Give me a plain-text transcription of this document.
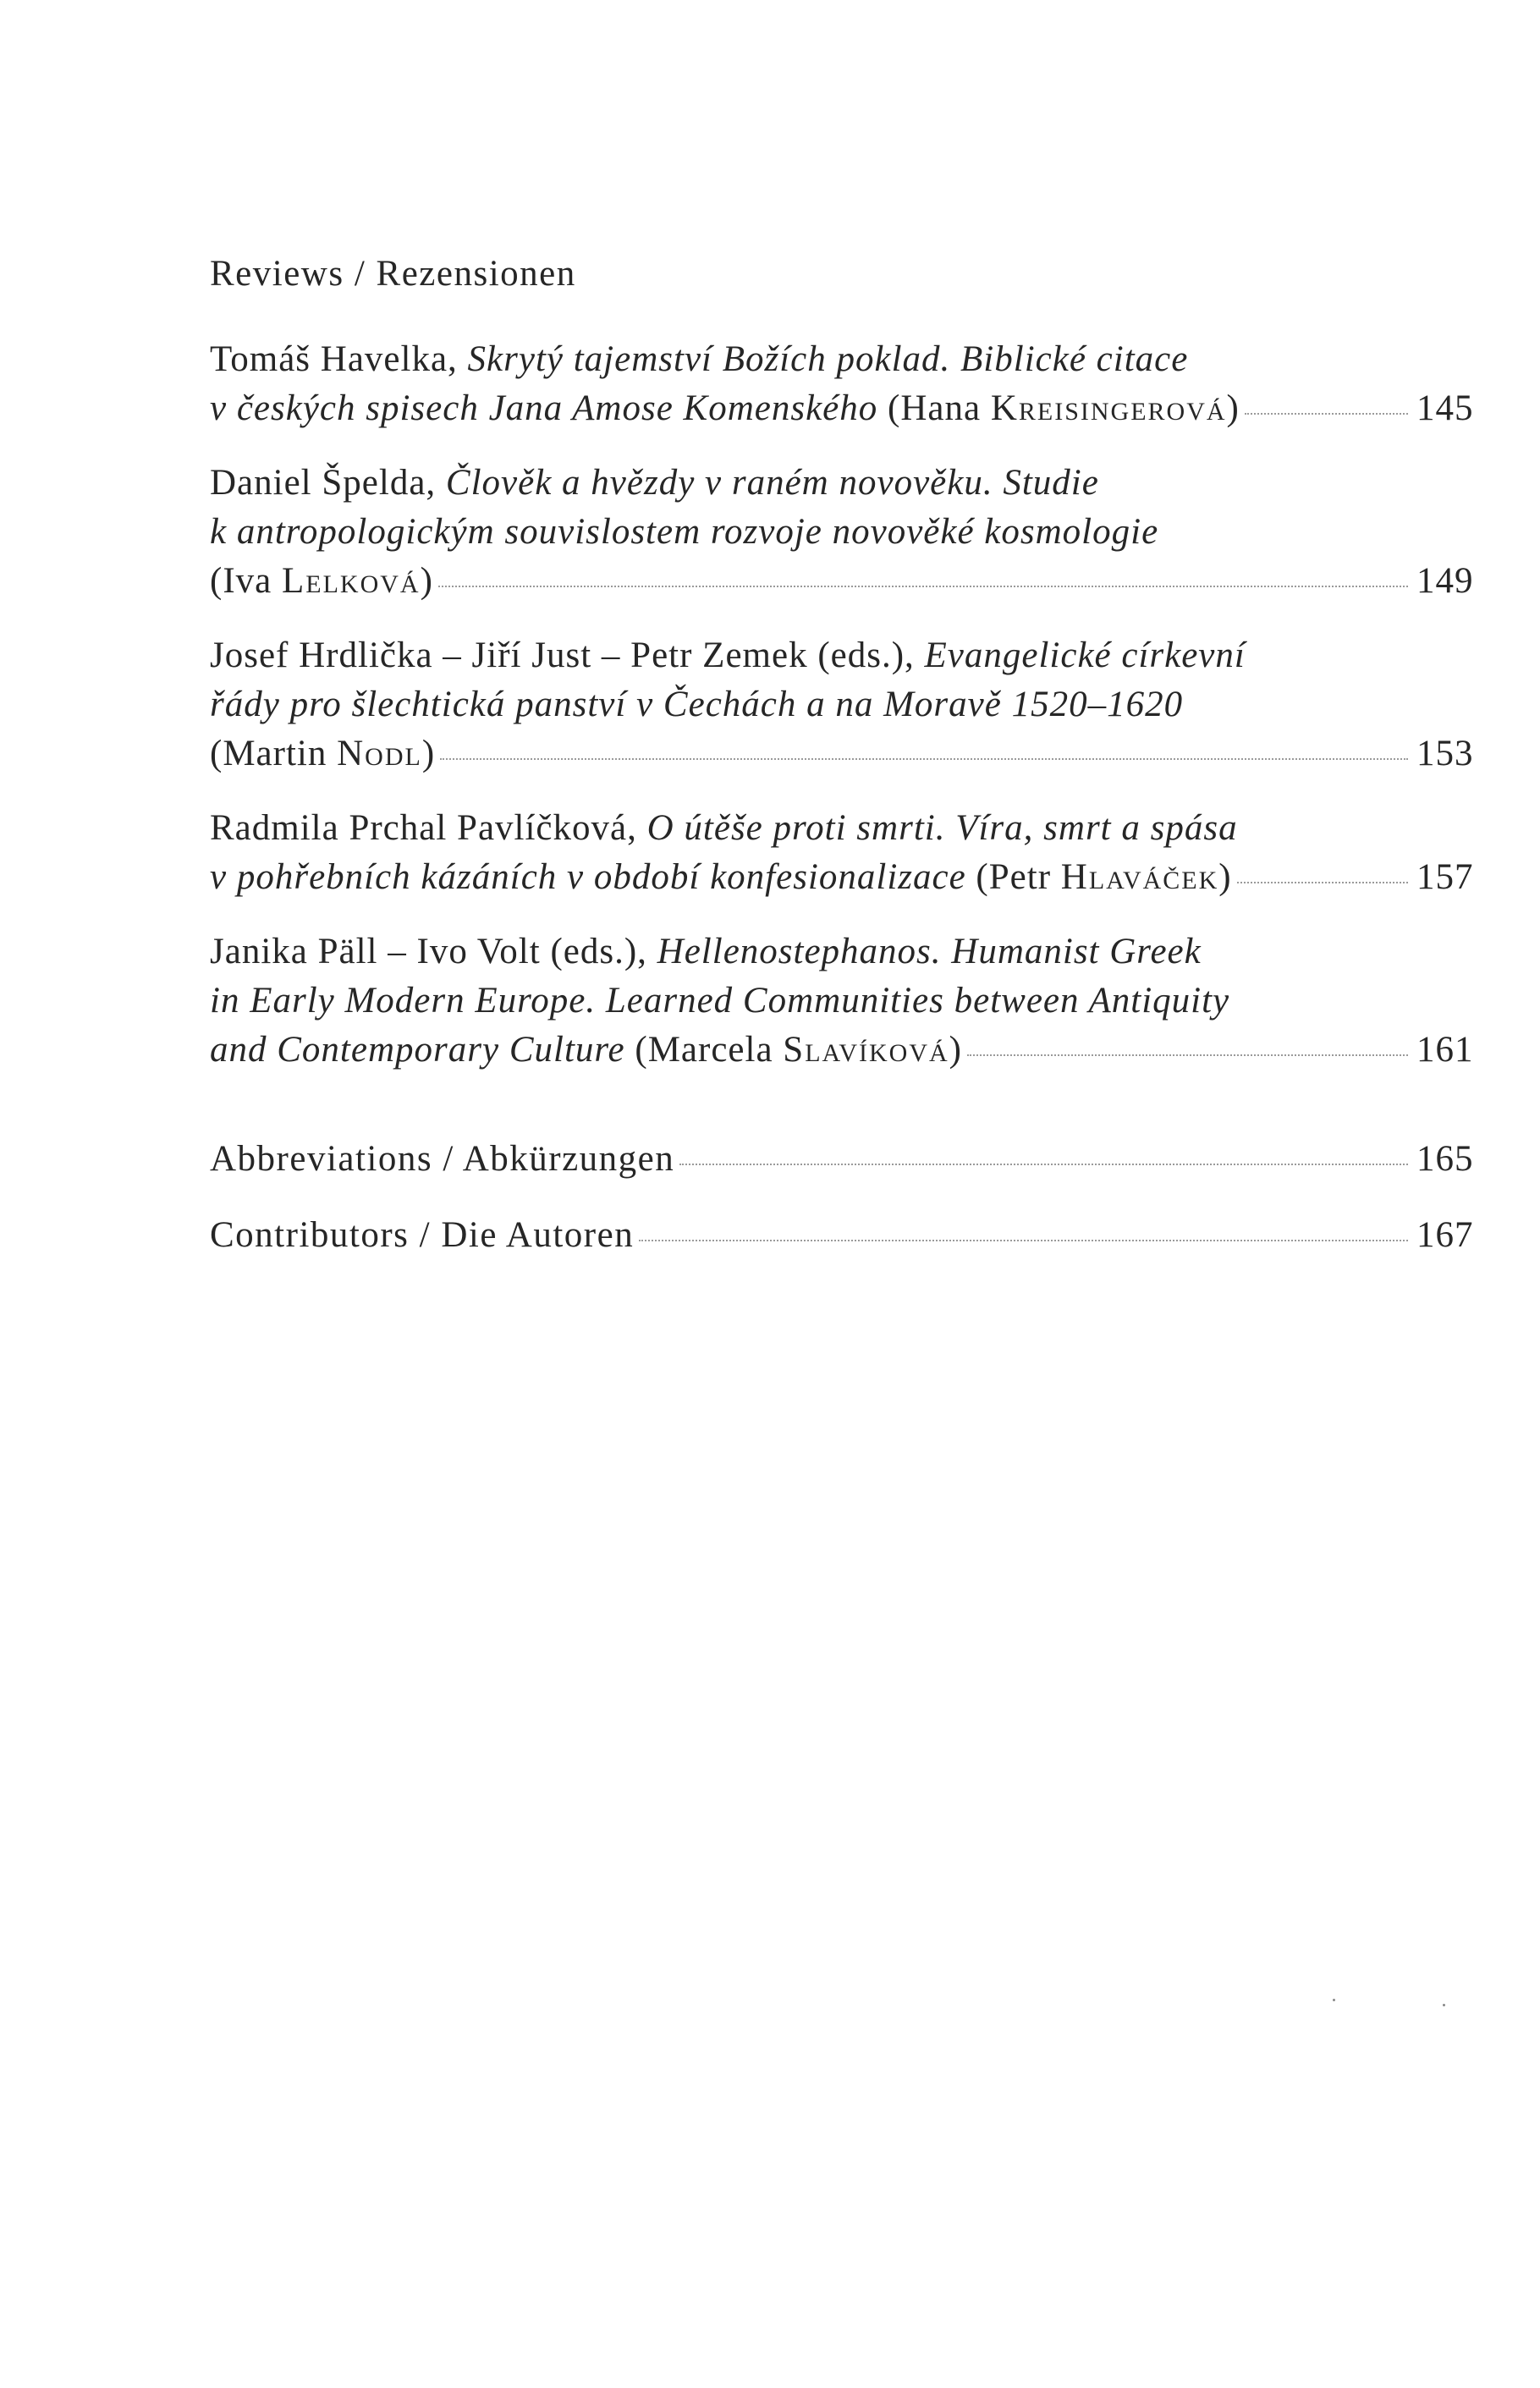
Reviews / Rezensionen
Tomáš Havelka, Skrytý tajemství Božích poklad. Biblické citace
v českých spisech Jana Amose Komenského (Hana Kreisingerová)	145
Daniel Špelda, Člověk a hvězdy v raném novověku. Studie
k antropologickým souvislostem rozvoje novověké kosmologie
(Iva Lelková)	149
Josef Hrdlička – Jiří Just – Petr Zemek (eds.), Evangelické církevní
řády pro šlechtická panství v Čechách a na Moravě 1520–1620
(Martin Nodl)	153
Radmila Prchal Pavlíčková, O útěše proti smrti. Víra, smrt a spása
v pohřebních kázáních v období konfesionalizace (Petr Hlaváček)	157
Janika Päll – Ivo Volt (eds.), Hellenostephanos. Humanist Greek
in Early Modern Europe. Learned Communities between Antiquity
and Contemporary Culture (Marcela Slavíková)	161
Abbreviations / Abkürzungen	165
Contributors / Die Autoren	167
